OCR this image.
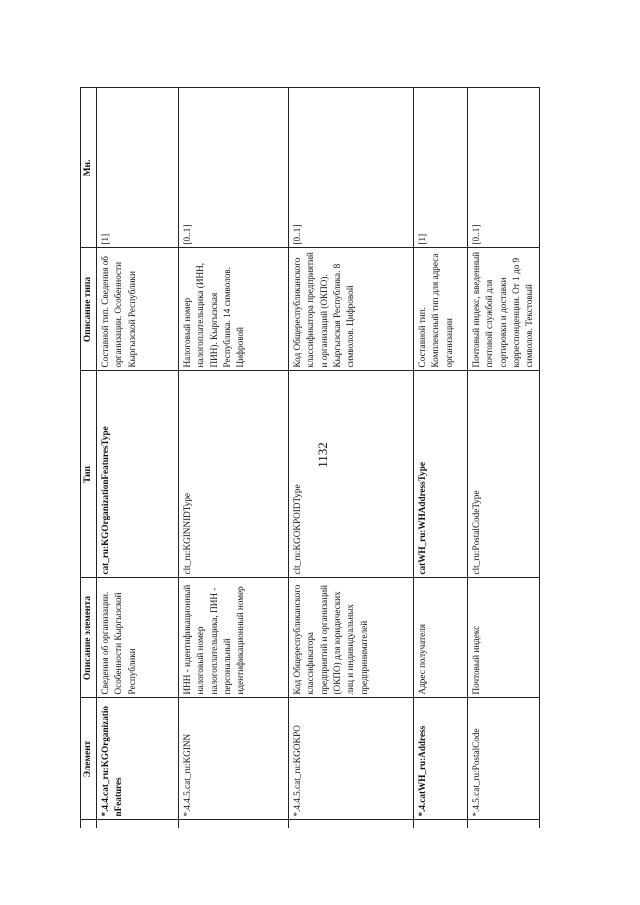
1132
	Элемент	Описание элемента	Тип	Описание типа	Мн.
	*.4.4.cat_ru:KGOrganizationFeatures	Сведения об организации. Особенности Кыргызской Республики	cat_ru:KGOrganizationFeaturesType	Составной тип. Сведения об организации. Особенности Кыргызской Республики	[1]
	*.4.4.5.cat_ru:KGINN	ИНН - идентификационный налоговый номер налогоплательщика, ПИН - персональный идентификационный номер	clt_ru:KGINNIDType	Налоговый номер налогоплательщика (ИНН, ПИН). Кыргызская Республика. 14 символов. Цифровой	[0..1]
	*.4.4.5.cat_ru:KGOKPO	Код Общереспубликанского классификатора предприятий и организаций (ОКПО) для юридических лиц и индивидуальных предпринимателей	clt_ru:KGOKPOIDType	Код Общереспубликанского классификатора предприятий и организаций (ОКПО). Кыргызская Республика. 8 символов. Цифровой	[0..1]
	*.4.catWH_ru:Address	Адрес получателя	catWH_ru:WHAddressType	Составной тип. Комплексный тип для адреса организации	[1]
	*.4.5.cat_ru:PostalCode	Почтовый индекс	clt_ru:PostalCodeType	Почтовый индекс, введенный почтовой службой для сортировки и доставки корреспонденции. От 1 до 9 символов. Текстовый	[0..1]
